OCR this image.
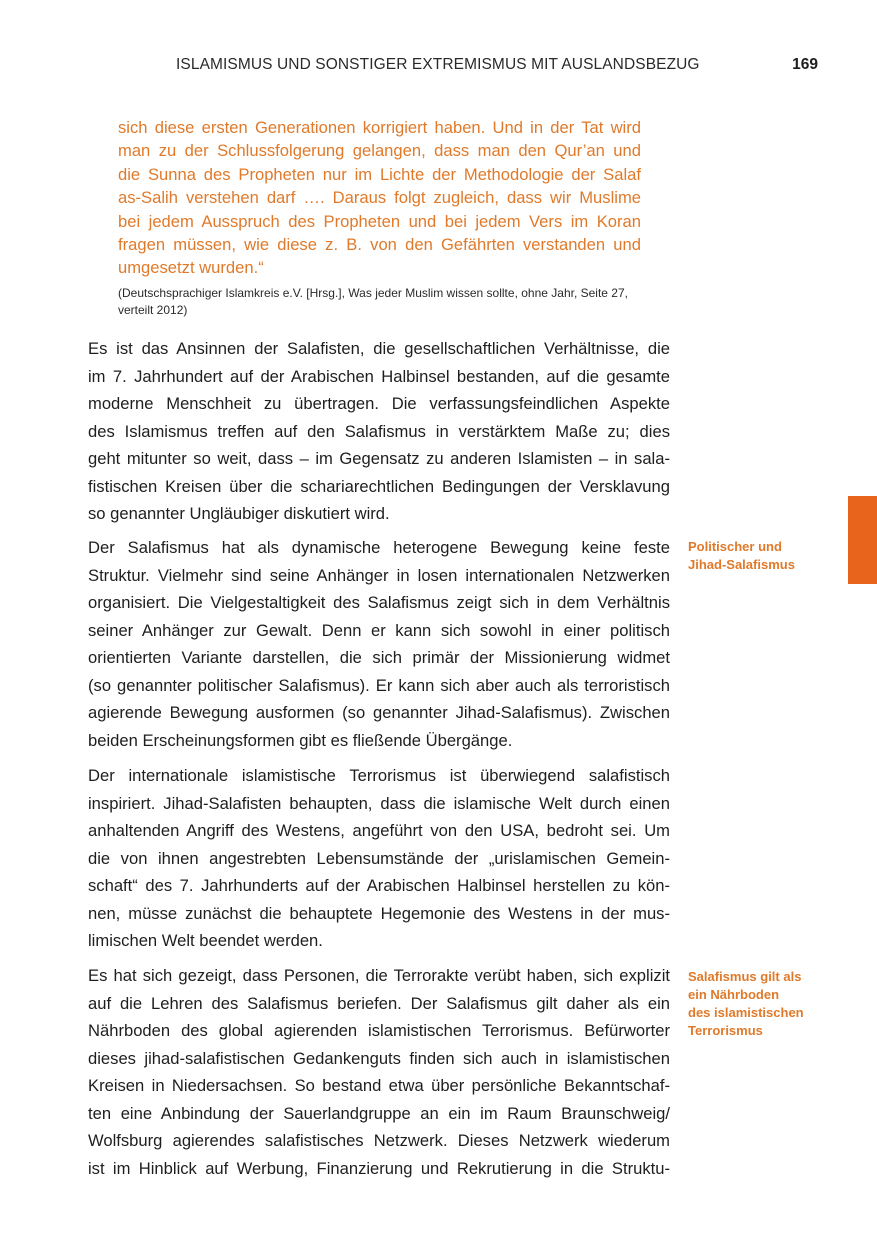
ISLAMISMUS UND SONSTIGER EXTREMISMUS MIT AUSLANDSBEZUG	169
sich diese ersten Generationen korrigiert haben. Und in der Tat wird
man zu der Schlussfolgerung gelangen, dass man den Qur’an und
die Sunna des Propheten nur im Lichte der Methodologie der Salaf
as-Salih verstehen darf …. Daraus folgt zugleich, dass wir Muslime
bei jedem Ausspruch des Propheten und bei jedem Vers im Koran
fragen müssen, wie diese z. B. von den Gefährten verstanden und
umgesetzt wurden.“
(Deutschsprachiger Islamkreis e.V. [Hrsg.], Was jeder Muslim wissen sollte, ohne Jahr, Seite 27,
verteilt 2012)
Es ist das Ansinnen der Salafisten, die gesellschaftlichen Verhältnisse, die
im 7. Jahrhundert auf der Arabischen Halbinsel bestanden, auf die gesamte
moderne Menschheit zu übertragen. Die verfassungsfeindlichen Aspekte
des Islamismus treffen auf den Salafismus in verstärktem Maße zu; dies
geht mitunter so weit, dass – im Gegensatz zu anderen Islamisten – in sala-
fistischen Kreisen über die schariarechtlichen Bedingungen der Versklavung
so genannter Ungläubiger diskutiert wird.
Der Salafismus hat als dynamische heterogene Bewegung keine feste
Struktur. Vielmehr sind seine Anhänger in losen internationalen Netzwerken
organisiert. Die Vielgestaltigkeit des Salafismus zeigt sich in dem Verhältnis
seiner Anhänger zur Gewalt. Denn er kann sich sowohl in einer politisch
orientierten Variante darstellen, die sich primär der Missionierung widmet
(so genannter politischer Salafismus). Er kann sich aber auch als terroristisch
agierende Bewegung ausformen (so genannter Jihad-Salafismus). Zwischen
beiden Erscheinungsformen gibt es fließende Übergänge.
Der internationale islamistische Terrorismus ist überwiegend salafistisch
inspiriert. Jihad-Salafisten behaupten, dass die islamische Welt durch einen
anhaltenden Angriff des Westens, angeführt von den USA, bedroht sei. Um
die von ihnen angestrebten Lebensumstände der „urislamischen Gemein-
schaft“ des 7. Jahrhunderts auf der Arabischen Halbinsel herstellen zu kön-
nen, müsse zunächst die behauptete Hegemonie des Westens in der mus-
limischen Welt beendet werden.
Es hat sich gezeigt, dass Personen, die Terrorakte verübt haben, sich explizit
auf die Lehren des Salafismus beriefen. Der Salafismus gilt daher als ein
Nährboden des global agierenden islamistischen Terrorismus. Befürworter
dieses jihad-salafistischen Gedankenguts finden sich auch in islamistischen
Kreisen in Niedersachsen. So bestand etwa über persönliche Bekanntschaf-
ten eine Anbindung der Sauerlandgruppe an ein im Raum Braunschweig/
Wolfsburg agierendes salafistisches Netzwerk. Dieses Netzwerk wiederum
ist im Hinblick auf Werbung, Finanzierung und Rekrutierung in die Struktu-
Politischer und
Jihad-Salafismus
Salafismus gilt als
ein Nährboden
des islamistischen
Terrorismus
